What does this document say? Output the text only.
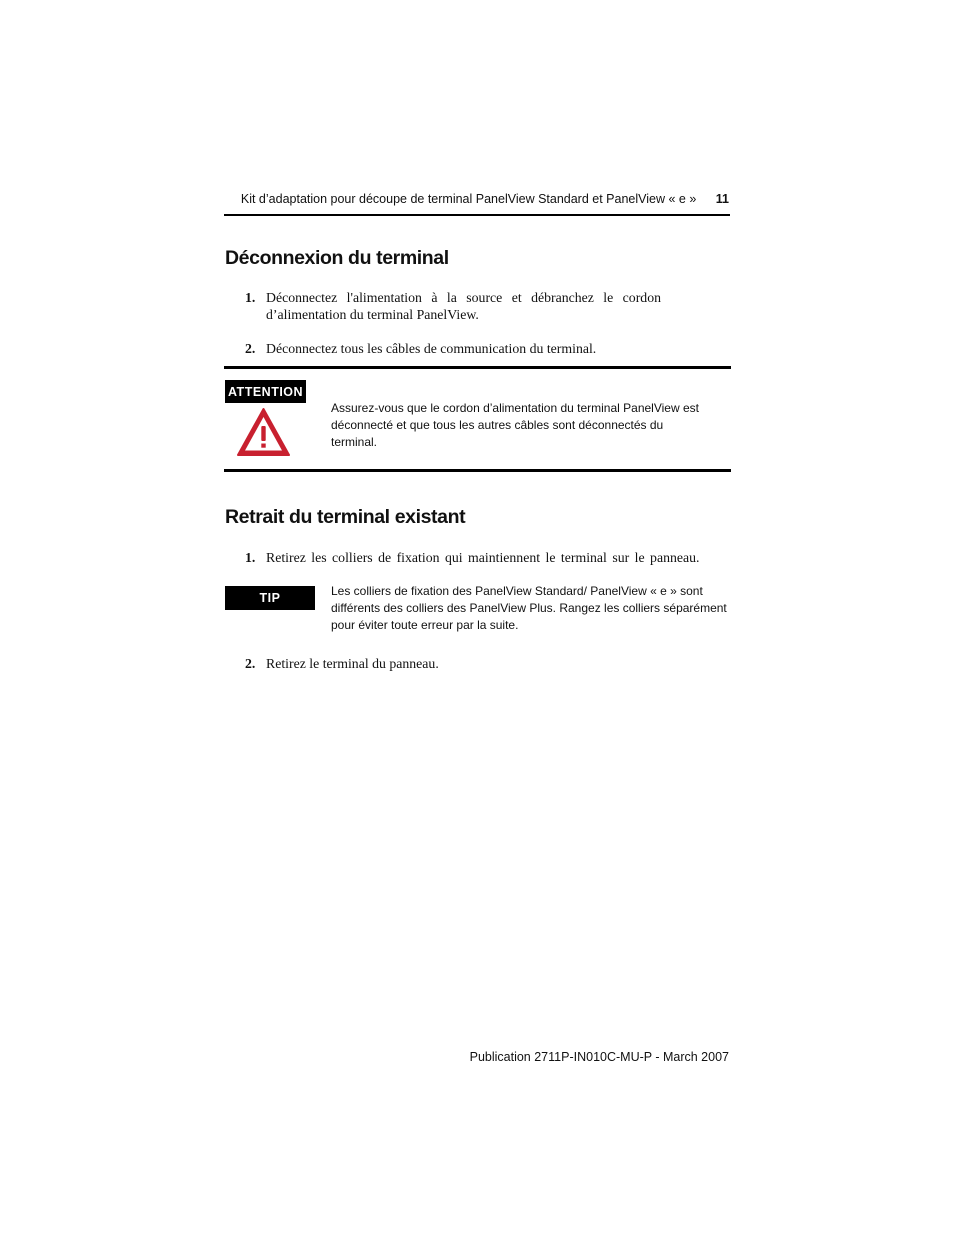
Kit d’adaptation pour découpe de terminal PanelView Standard et PanelView « e » 11
Déconnexion du terminal
1. Déconnectez l'alimentation à la source et débranchez le cordon d’alimentation du terminal PanelView.
2. Déconnectez tous les câbles de communication du terminal.
ATTENTION
Assurez-vous que le cordon d’alimentation du terminal PanelView est déconnecté et que tous les autres câbles sont déconnectés du terminal.
Retrait du terminal existant
1. Retirez les colliers de fixation qui maintiennent le terminal sur le panneau.
TIP	Les colliers de fixation des PanelView Standard/ PanelView « e » sont différents des colliers des PanelView Plus. Rangez les colliers séparément pour éviter toute erreur par la suite.
2. Retirez le terminal du panneau.
Publication 2711P-IN010C-MU-P - March 2007
